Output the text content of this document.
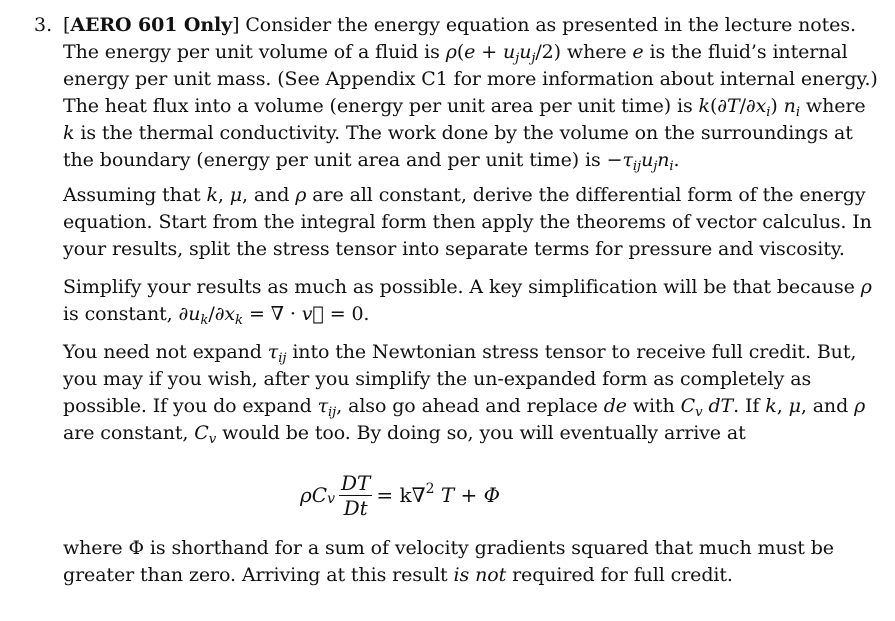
3. [AERO 601 Only] Consider the energy equation as presented in the lecture notes.
The energy per unit volume of a fluid is $\rho(e + u_ju_j/2)$ where e is the fluid’s internal
energy per unit mass. (See Appendix C1 for more information about internal energy.)
The heat flux into a volume (energy per unit area per unit time) is $k(\partial T/\partial x_i)$ $n_i$ where
k is the thermal conductivity. The work done by the volume on the surroundings at
the boundary (energy per unit area and per unit time) is $-\tau_{ij}u_jn_i$.
Assuming that k, μ, and ρ are all constant, derive the differential form of the energy
equation. Start from the integral form then apply the theorems of vector calculus. In
your results, split the stress tensor into separate terms for pressure and viscosity.
Simplify your results as much as possible. A key simplification will be that because ρ
is constant, $\partial u_k/\partial x_k$ = ∇ · v⃗ = 0.
You need not expand $\tau_{ij}$ into the Newtonian stress tensor to receive full credit. But,
you may if you wish, after you simplify the un-expanded form as completely as
possible. If you do expand $\tau_{ij}$, also go ahead and replace de with $C_v$ dT. If k, μ, and ρ
are constant, $C_v$ would be too. By doing so, you will eventually arrive at
ρC $_v \frac{DT}{Dt} = k\nabla^2$
T + Φ
where Φ is shorthand for a sum of velocity gradients squared that much must be
greater than zero. Arriving at this result is not required for full credit.
